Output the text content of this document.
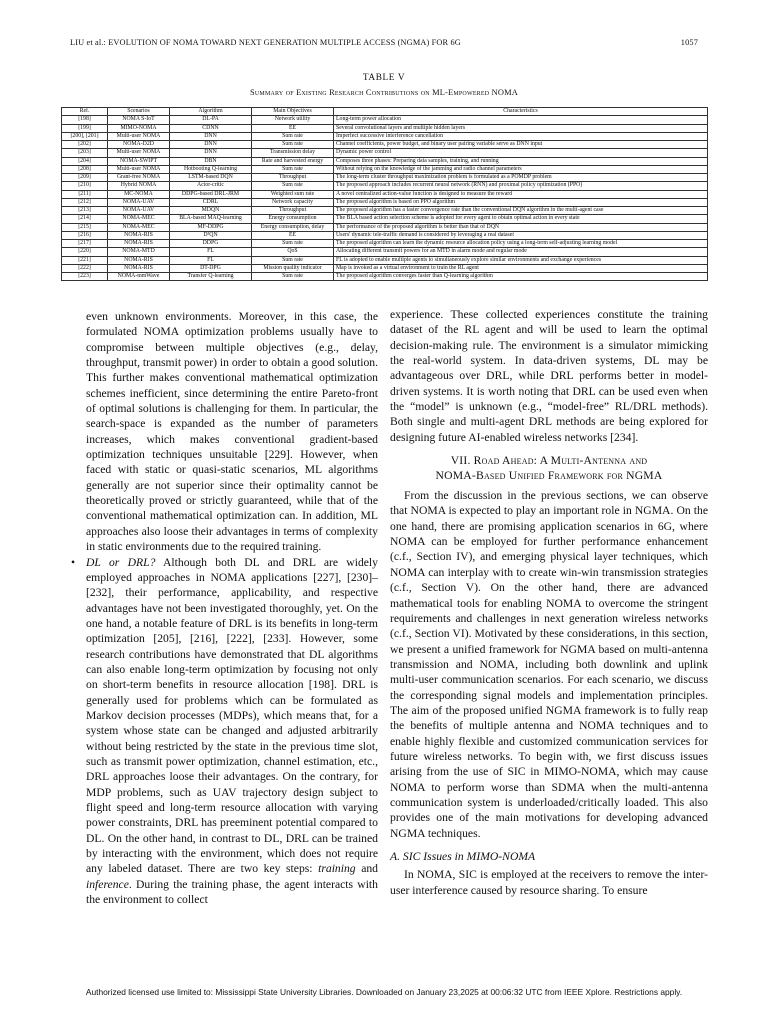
LIU et al.: EVOLUTION OF NOMA TOWARD NEXT GENERATION MULTIPLE ACCESS (NGMA) FOR 6G	1057
TABLE V
Summary of Existing Research Contributions on ML-Empowered NOMA
Ref.	Scenarios	Algorithm	Main Objectives	Characteristics
[198]	NOMA S-IoT	DL-PA	Network utility	Long-term power allocation
[199]	MIMO-NOMA	CDNN	EE	Several convolutional layers and multiple hidden layers
[200], [201]	Multi-user NOMA	DNN	Sum rate	Imperfect successive interference cancellation
[202]	NOMA-D2D	DNN	Sum rate	Channel coefficients, power budget, and binary user pairing variable serve as DNN input
[203]	Multi-user NOMA	DNN	Transmission delay	Dynamic power control
[204]	NOMA-SWIPT	DBN	Rate and harvested energy	Composes three phases: Preparing data samples, training, and running
[208]	Multi-user NOMA	Hotbooting Q-learning	Sum rate	Without relying on the knowledge of the jamming and radio channel parameters
[209]	Grant-free NOMA	LSTM-based DQN	Throughput	The long-term cluster throughput maximization problem is formulated as a POMDP problem
[210]	Hybrid NOMA	Actor-critic	Sum rate	The proposed approach includes recurrent neural network (RNN) and proximal policy optimization (PPO)
[211]	MC-NOMA	DDPG-based DRL-JRM	Weighted sum rate	A novel centralized action-value function is designed to measure the reward
[212]	NOMA-UAV	CDRL	Network capacity	The proposed algorithm is based on PPO algorithm
[213]	NOMA-UAV	MDQN	Throughput	The proposed algorithm has a faster convergence rate than the conventional DQN algorithm in the multi-agent case
[214]	NOMA-MEC	BLA-based MAQ-learning	Energy consumption	The BLA based action selection scheme is adopted for every agent to obtain optimal action in every state
[215]	NOMA-MEC	MF-DDPG	Energy consumption, delay	The performance of the proposed algorithm is better than that of DQN
[216]	NOMA-RIS	D³QN	EE	Users' dynamic tele-traffic demand is considered by leveraging a real dataset
[217]	NOMA-RIS	DDPG	Sum rate	The proposed algorithm can learn the dynamic resource allocation policy using a long-term self-adjusting learning model
[220]	NOMA-MTD	FL	QoS	Allocating different transmit powers for an MTD in alarm mode and regular mode
[221]	NOMA-RIS	FL	Sum rate	FL is adopted to enable multiple agents to simultaneously explore similar environments and exchange experiences
[222]	NOMA-RIS	DT-DPG	Mission quality indicator	Map is invoked as a virtual environment to train the RL agent
[223]	NOMA-mmWave	Transfer Q-learning	Sum rate	The proposed algorithm converges faster than Q-learning algorithm

even unknown environments. Moreover, in this case, the formulated NOMA optimization problems usually have to compromise between multiple objectives (e.g., delay, throughput, transmit power) in order to obtain a good solution. This further makes conventional mathematical optimization schemes inefficient, since determining the entire Pareto-front of optimal solutions is challenging for them. In particular, the search-space is expanded as the number of parameters increases, which makes conventional gradient-based optimization techniques unsuitable [229]. However, when faced with static or quasi-static scenarios, ML algorithms generally are not superior since their optimality cannot be theoretically proved or strictly guaranteed, while that of the conventional mathematical optimization can. In addition, ML approaches also loose their advantages in terms of complexity in static environments due to the required training.

• DL or DRL? Although both DL and DRL are widely employed approaches in NOMA applications [227], [230]–[232], their performance, applicability, and respective advantages have not been investigated thoroughly, yet. On the one hand, a notable feature of DRL is its benefits in long-term optimization [205], [216], [222], [233]. However, some research contributions have demonstrated that DL algorithms can also enable long-term optimization by focusing not only on short-term benefits in resource allocation [198]. DRL is generally used for problems which can be formulated as Markov decision processes (MDPs), which means that, for a system whose state can be changed and adjusted arbitrarily without being restricted by the state in the previous time slot, such as transmit power optimization, channel estimation, etc., DRL approaches loose their advantages. On the contrary, for MDP problems, such as UAV trajectory design subject to flight speed and long-term resource allocation with varying power constraints, DRL has preeminent potential compared to DL. On the other hand, in contrast to DL, DRL can be trained by interacting with the environment, which does not require any labeled dataset. There are two key steps: training and inference. During the training phase, the agent interacts with the environment to collect

experience. These collected experiences constitute the training dataset of the RL agent and will be used to learn the optimal decision-making rule. The environment is a simulator mimicking the real-world system. In data-driven systems, DL may be advantageous over DRL, while DRL performs better in model-driven systems. It is worth noting that DRL can be used even when the “model” is unknown (e.g., “model-free” RL/DRL methods). Both single and multi-agent DRL methods are being explored for designing future AI-enabled wireless networks [234].

VII. Road Ahead: A Multi-Antenna and
NOMA-Based Unified Framework for NGMA

From the discussion in the previous sections, we can observe that NOMA is expected to play an important role in NGMA. On the one hand, there are promising application scenarios in 6G, where NOMA can be employed for further performance enhancement (c.f., Section IV), and emerging physical layer techniques, which NOMA can interplay with to create win-win transmission strategies (c.f., Section V). On the other hand, there are advanced mathematical tools for enabling NOMA to overcome the stringent requirements and challenges in next generation wireless networks (c.f., Section VI). Motivated by these considerations, in this section, we present a unified framework for NGMA based on multi-antenna transmission and NOMA, including both downlink and uplink multi-user communication scenarios. For each scenario, we discuss the corresponding signal models and implementation principles. The aim of the proposed unified NGMA framework is to fully reap the benefits of multiple antenna and NOMA techniques and to enable highly flexible and customized communication services for future wireless networks. To begin with, we first discuss issues arising from the use of SIC in MIMO-NOMA, which may cause NOMA to perform worse than SDMA when the multi-antenna communication system is underloaded/critically loaded. This also provides one of the main motivations for developing advanced NGMA techniques.

A. SIC Issues in MIMO-NOMA

In NOMA, SIC is employed at the receivers to remove the inter-user interference caused by resource sharing. To ensure

Authorized licensed use limited to: Mississippi State University Libraries. Downloaded on January 23,2025 at 00:06:32 UTC from IEEE Xplore. Restrictions apply.
